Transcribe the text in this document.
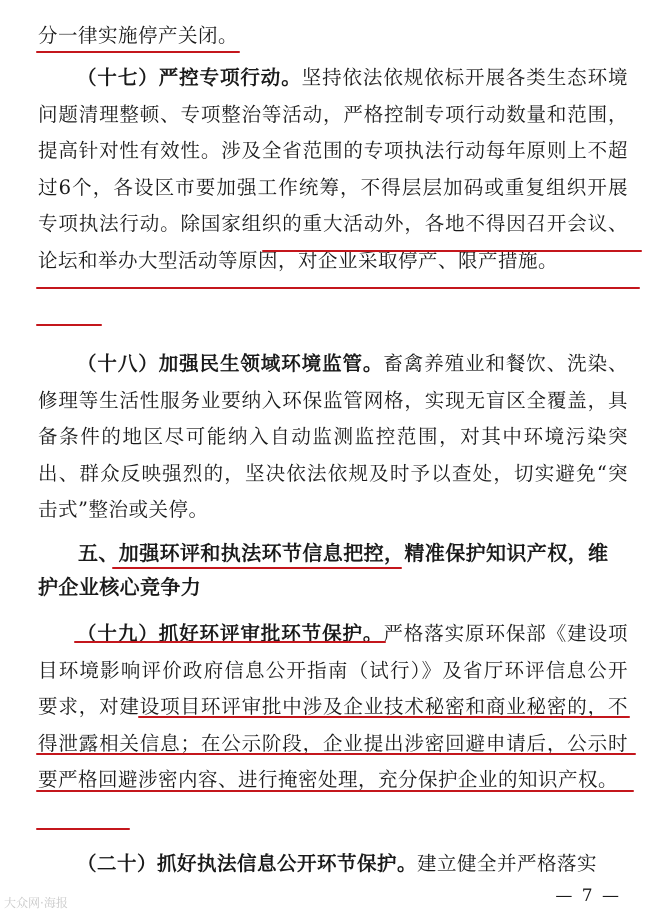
分一律实施停产关闭。
（十七）严控专项行动。坚持依法依规依标开展各类生态环境问题清理整顿、专项整治等活动，严格控制专项行动数量和范围，提高针对性有效性。涉及全省范围的专项执法行动每年原则上不超过6个，各设区市要加强工作统筹，不得层层加码或重复组织开展专项执法行动。除国家组织的重大活动外，各地不得因召开会议、论坛和举办大型活动等原因，对企业采取停产、限产措施。
（十八）加强民生领域环境监管。畜禽养殖业和餐饮、洗染、修理等生活性服务业要纳入环保监管网格，实现无盲区全覆盖，具备条件的地区尽可能纳入自动监测监控范围，对其中环境污染突出、群众反映强烈的，坚决依法依规及时予以查处，切实避免“突击式”整治或关停。
五、加强环评和执法环节信息把控，精准保护知识产权，维
护企业核心竞争力
（十九）抓好环评审批环节保护。严格落实原环保部《建设项目环境影响评价政府信息公开指南（试行）》及省厅环评信息公开要求，对建设项目环评审批中涉及企业技术秘密和商业秘密的，不得泄露相关信息；在公示阶段，企业提出涉密回避申请后，公示时要严格回避涉密内容、进行掩密处理，充分保护企业的知识产权。
（二十）抓好执法信息公开环节保护。建立健全并严格落实
— 7 —
大众网·海报
